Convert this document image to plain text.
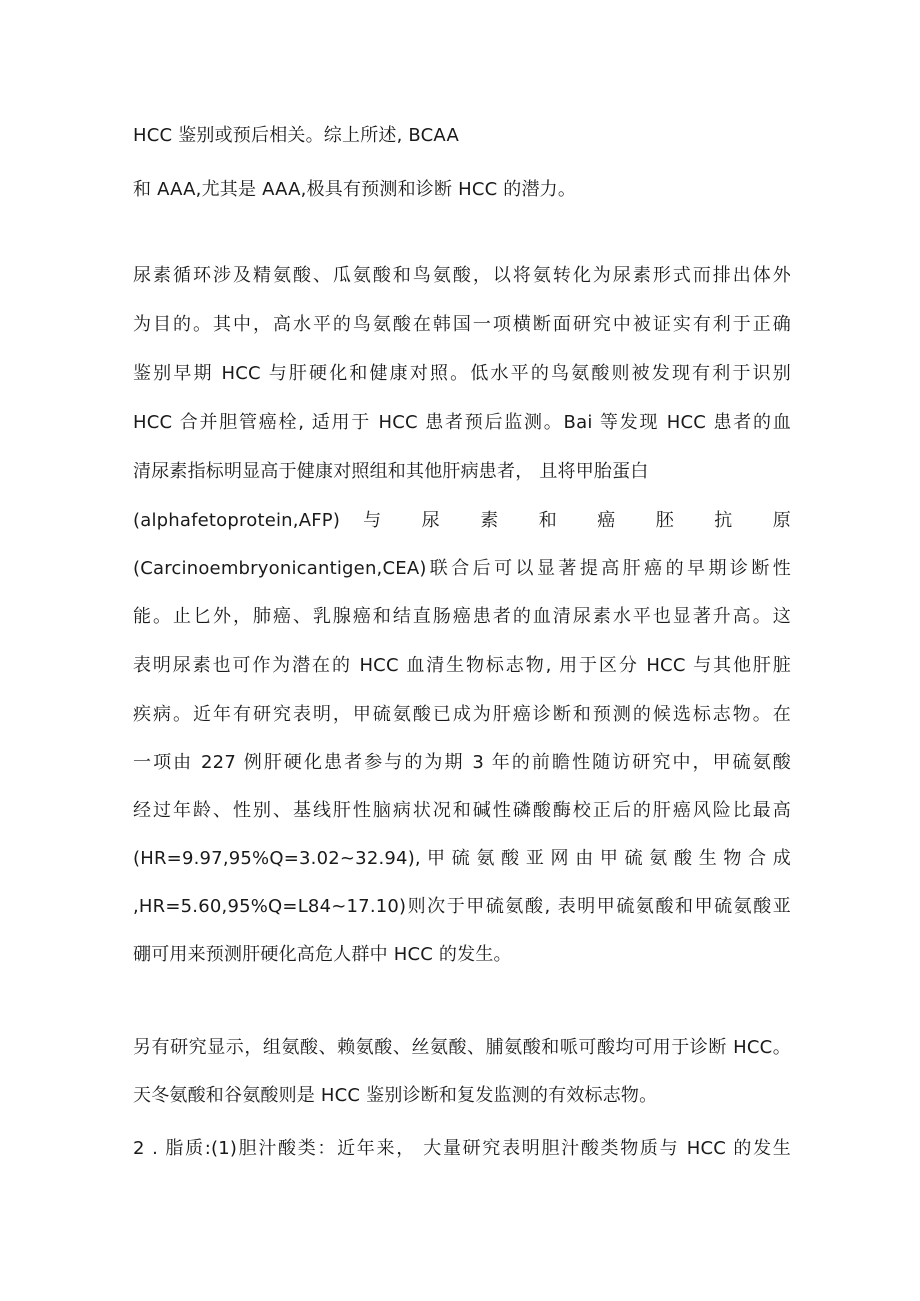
HCC 鉴别或预后相关。综上所述, BCAA
和 AAA,尤其是 AAA,极具有预测和诊断 HCC 的潜力。
尿素循环涉及精氨酸、瓜氨酸和鸟氨酸，以将氨转化为尿素形式而排出体外
为目的。其中，高水平的鸟氨酸在韩国一项横断面研究中被证实有利于正确
鉴别早期 HCC 与肝硬化和健康对照。低水平的鸟氨酸则被发现有利于识别
HCC 合并胆管癌栓, 适用于 HCC 患者预后监测。Bai 等发现 HCC 患者的血
清尿素指标明显高于健康对照组和其他肝病患者， 且将甲胎蛋白
(alphafetoprotein,AFP) 与 尿 素 和 癌 胚 抗 原
(Carcinoembryonicantigen,CEA)联合后可以显著提高肝癌的早期诊断性
能。止匕外，肺癌、乳腺癌和结直肠癌患者的血清尿素水平也显著升高。这
表明尿素也可作为潜在的 HCC 血清生物标志物, 用于区分 HCC 与其他肝脏
疾病。近年有研究表明，甲硫氨酸已成为肝癌诊断和预测的候选标志物。在
一项由 227 例肝硬化患者参与的为期 3 年的前瞻性随访研究中，甲硫氨酸
经过年龄、性别、基线肝性脑病状况和碱性磷酸酶校正后的肝癌风险比最高
(HR=9.97,95%Q=3.02~32.94), 甲 硫 氨 酸 亚 网 由 甲 硫 氨 酸 生 物 合 成
,HR=5.60,95%Q=L84~17.10)则次于甲硫氨酸, 表明甲硫氨酸和甲硫氨酸亚
硼可用来预测肝硬化高危人群中 HCC 的发生。
另有研究显示，组氨酸、赖氨酸、丝氨酸、脯氨酸和哌可酸均可用于诊断 HCC。
天冬氨酸和谷氨酸则是 HCC 鉴别诊断和复发监测的有效标志物。
2 . 脂质:(1)胆汁酸类：近年来， 大量研究表明胆汁酸类物质与 HCC 的发生
